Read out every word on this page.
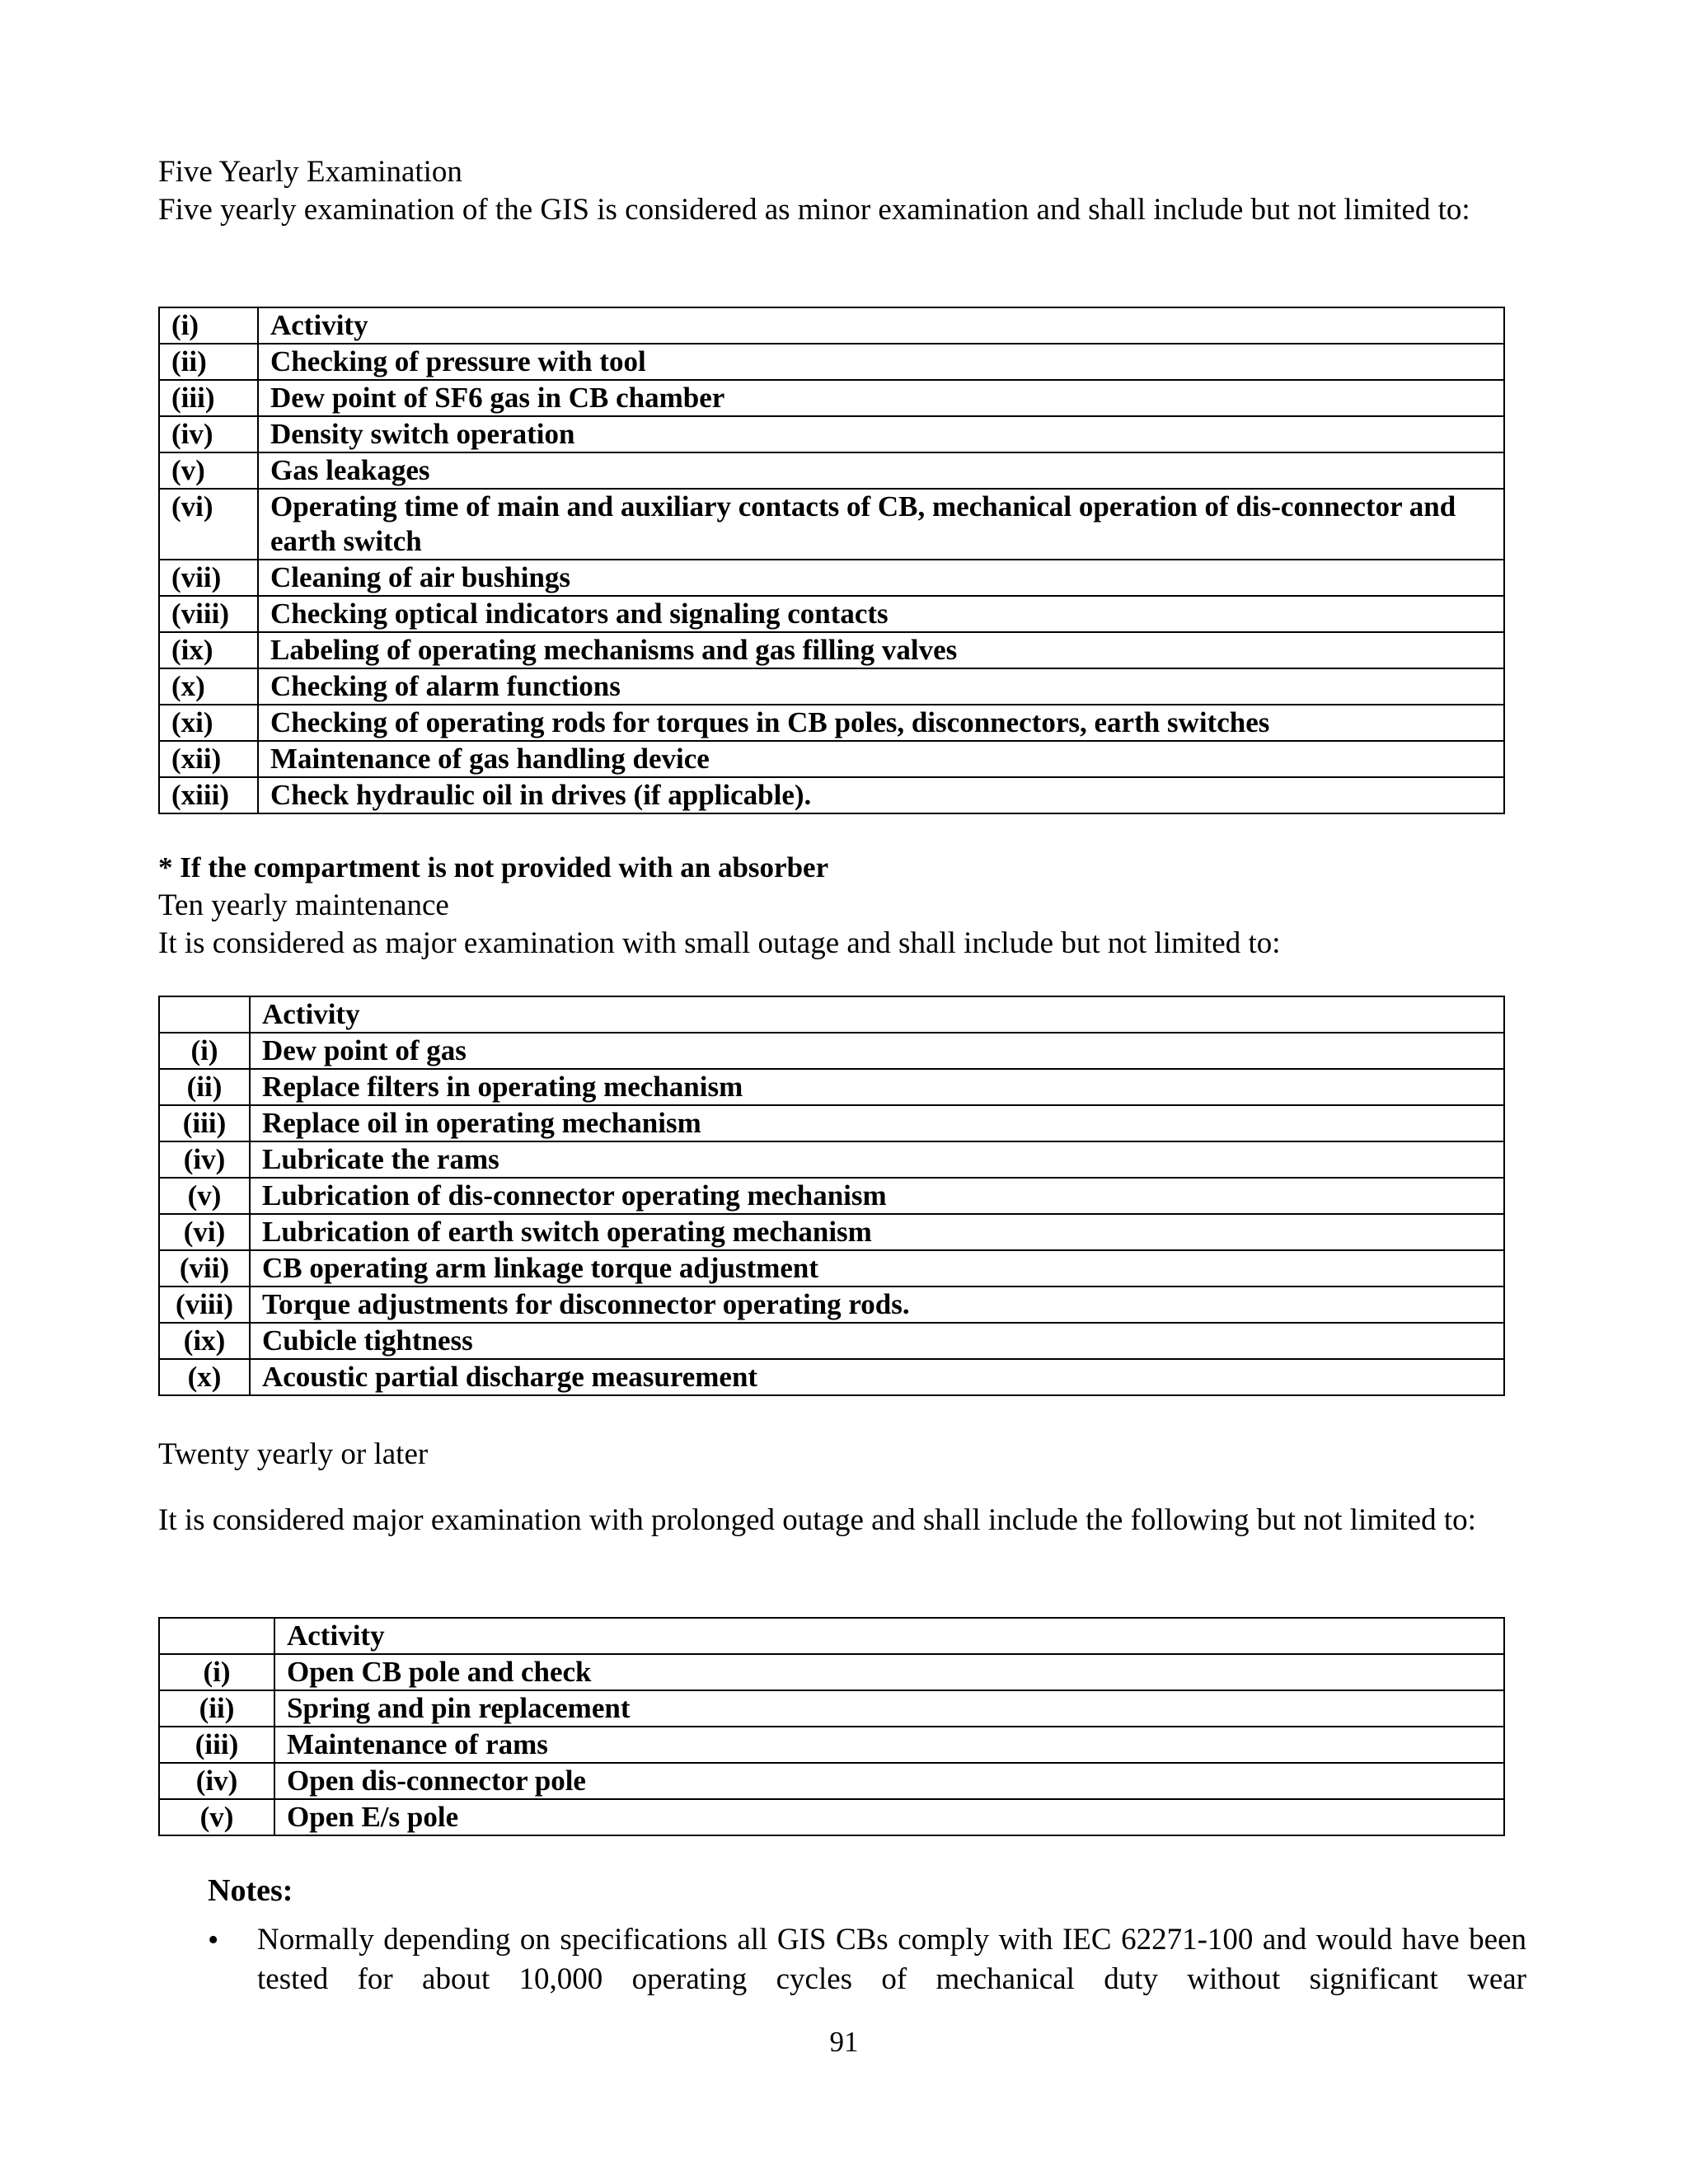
Five Yearly Examination

Five yearly examination of the GIS is considered as minor examination and shall include but not limited to:

(i)	Activity
(ii)	Checking of pressure with tool
(iii)	Dew point of SF6 gas in CB chamber
(iv)	Density switch operation
(v)	Gas leakages
(vi)	Operating time of main and auxiliary contacts of CB, mechanical operation of dis-connector and earth switch
(vii)	Cleaning of air bushings
(viii)	Checking optical indicators and signaling contacts
(ix)	Labeling of operating mechanisms and gas filling valves
(x)	Checking of alarm functions
(xi)	Checking of operating rods for torques in CB poles, disconnectors, earth switches
(xii)	Maintenance of gas handling device
(xiii)	Check hydraulic oil in drives (if applicable).

* If the compartment is not provided with an absorber

Ten yearly maintenance

It is considered as major examination with small outage and shall include but not limited to:

	Activity
(i)	Dew point of gas
(ii)	Replace filters in operating mechanism
(iii)	Replace oil in operating mechanism
(iv)	Lubricate the rams
(v)	Lubrication of dis-connector operating mechanism
(vi)	Lubrication of earth switch operating mechanism
(vii)	CB operating arm linkage torque adjustment
(viii)	Torque adjustments for disconnector operating rods.
(ix)	Cubicle tightness
(x)	Acoustic partial discharge measurement

Twenty yearly or later

It is considered major examination with prolonged outage and shall include the following but not limited to:

	Activity
(i)	Open CB pole and check
(ii)	Spring and pin replacement
(iii)	Maintenance of rams
(iv)	Open dis-connector pole
(v)	Open E/s pole

Notes:

• Normally depending on specifications all GIS CBs comply with IEC 62271-100 and would have been tested for about 10,000 operating cycles of mechanical duty without significant wear

91
